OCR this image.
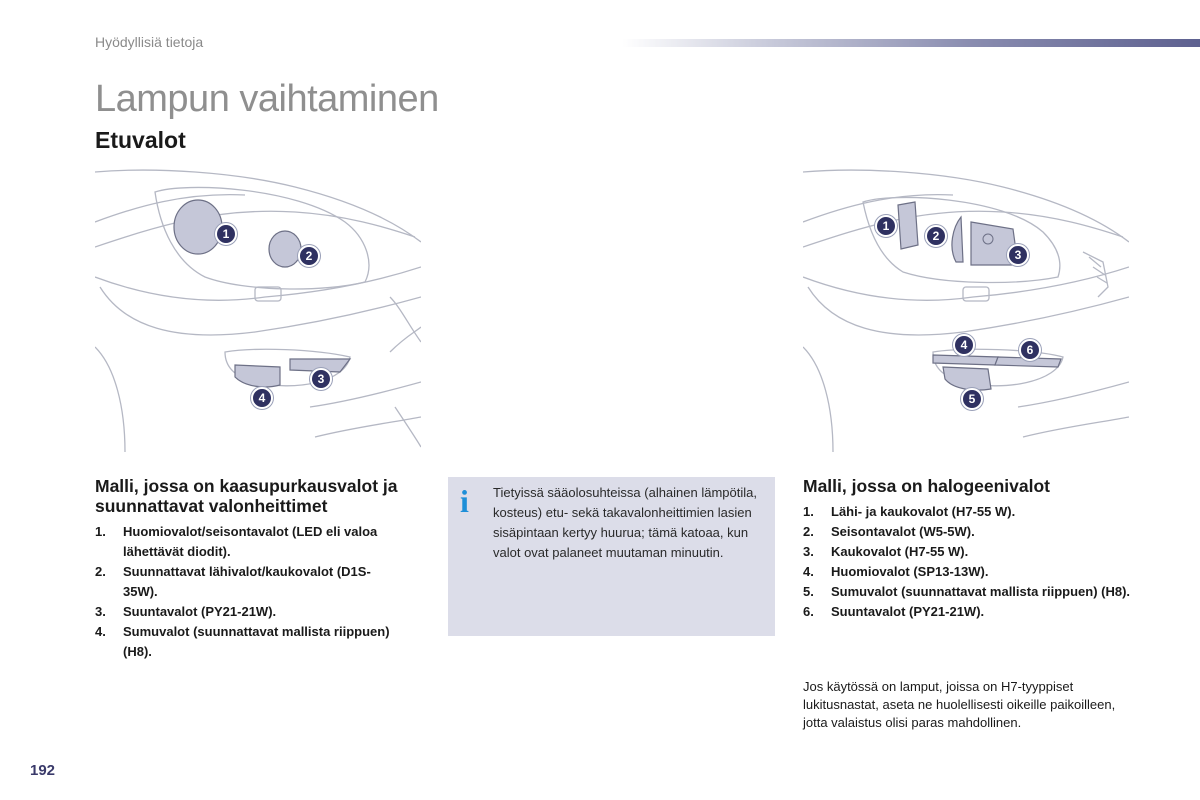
Hyödyllisiä tietoja
Lampun vaihtaminen
Etuvalot
1
2
3
4
1
2
3
4
5
6
Malli, jossa on kaasupurkausvalot ja suunnattavat valonheittimet
1. Huomiovalot/seisontavalot (LED eli valoa lähettävät diodit).
2. Suunnattavat lähivalot/kaukovalot (D1S-35W).
3. Suuntavalot (PY21-21W).
4. Sumuvalot (suunnattavat mallista riippuen) (H8).
i Tietyissä sääolosuhteissa (alhainen lämpötila, kosteus) etu- sekä takavalonheittimien lasien sisäpintaan kertyy huurua; tämä katoaa, kun valot ovat palaneet muutaman minuutin.

Malli, jossa on halogeenivalot
1. Lähi- ja kaukovalot (H7-55 W).
2. Seisontavalot (W5-5W).
3. Kaukovalot (H7-55 W).
4. Huomiovalot (SP13-13W).
5. Sumuvalot (suunnattavat mallista riippuen) (H8).
6. Suuntavalot (PY21-21W).

Jos käytössä on lamput, joissa on H7-tyyppiset lukitusnastat, aseta ne huolellisesti oikeille paikoilleen, jotta valaistus olisi paras mahdollinen.

192
